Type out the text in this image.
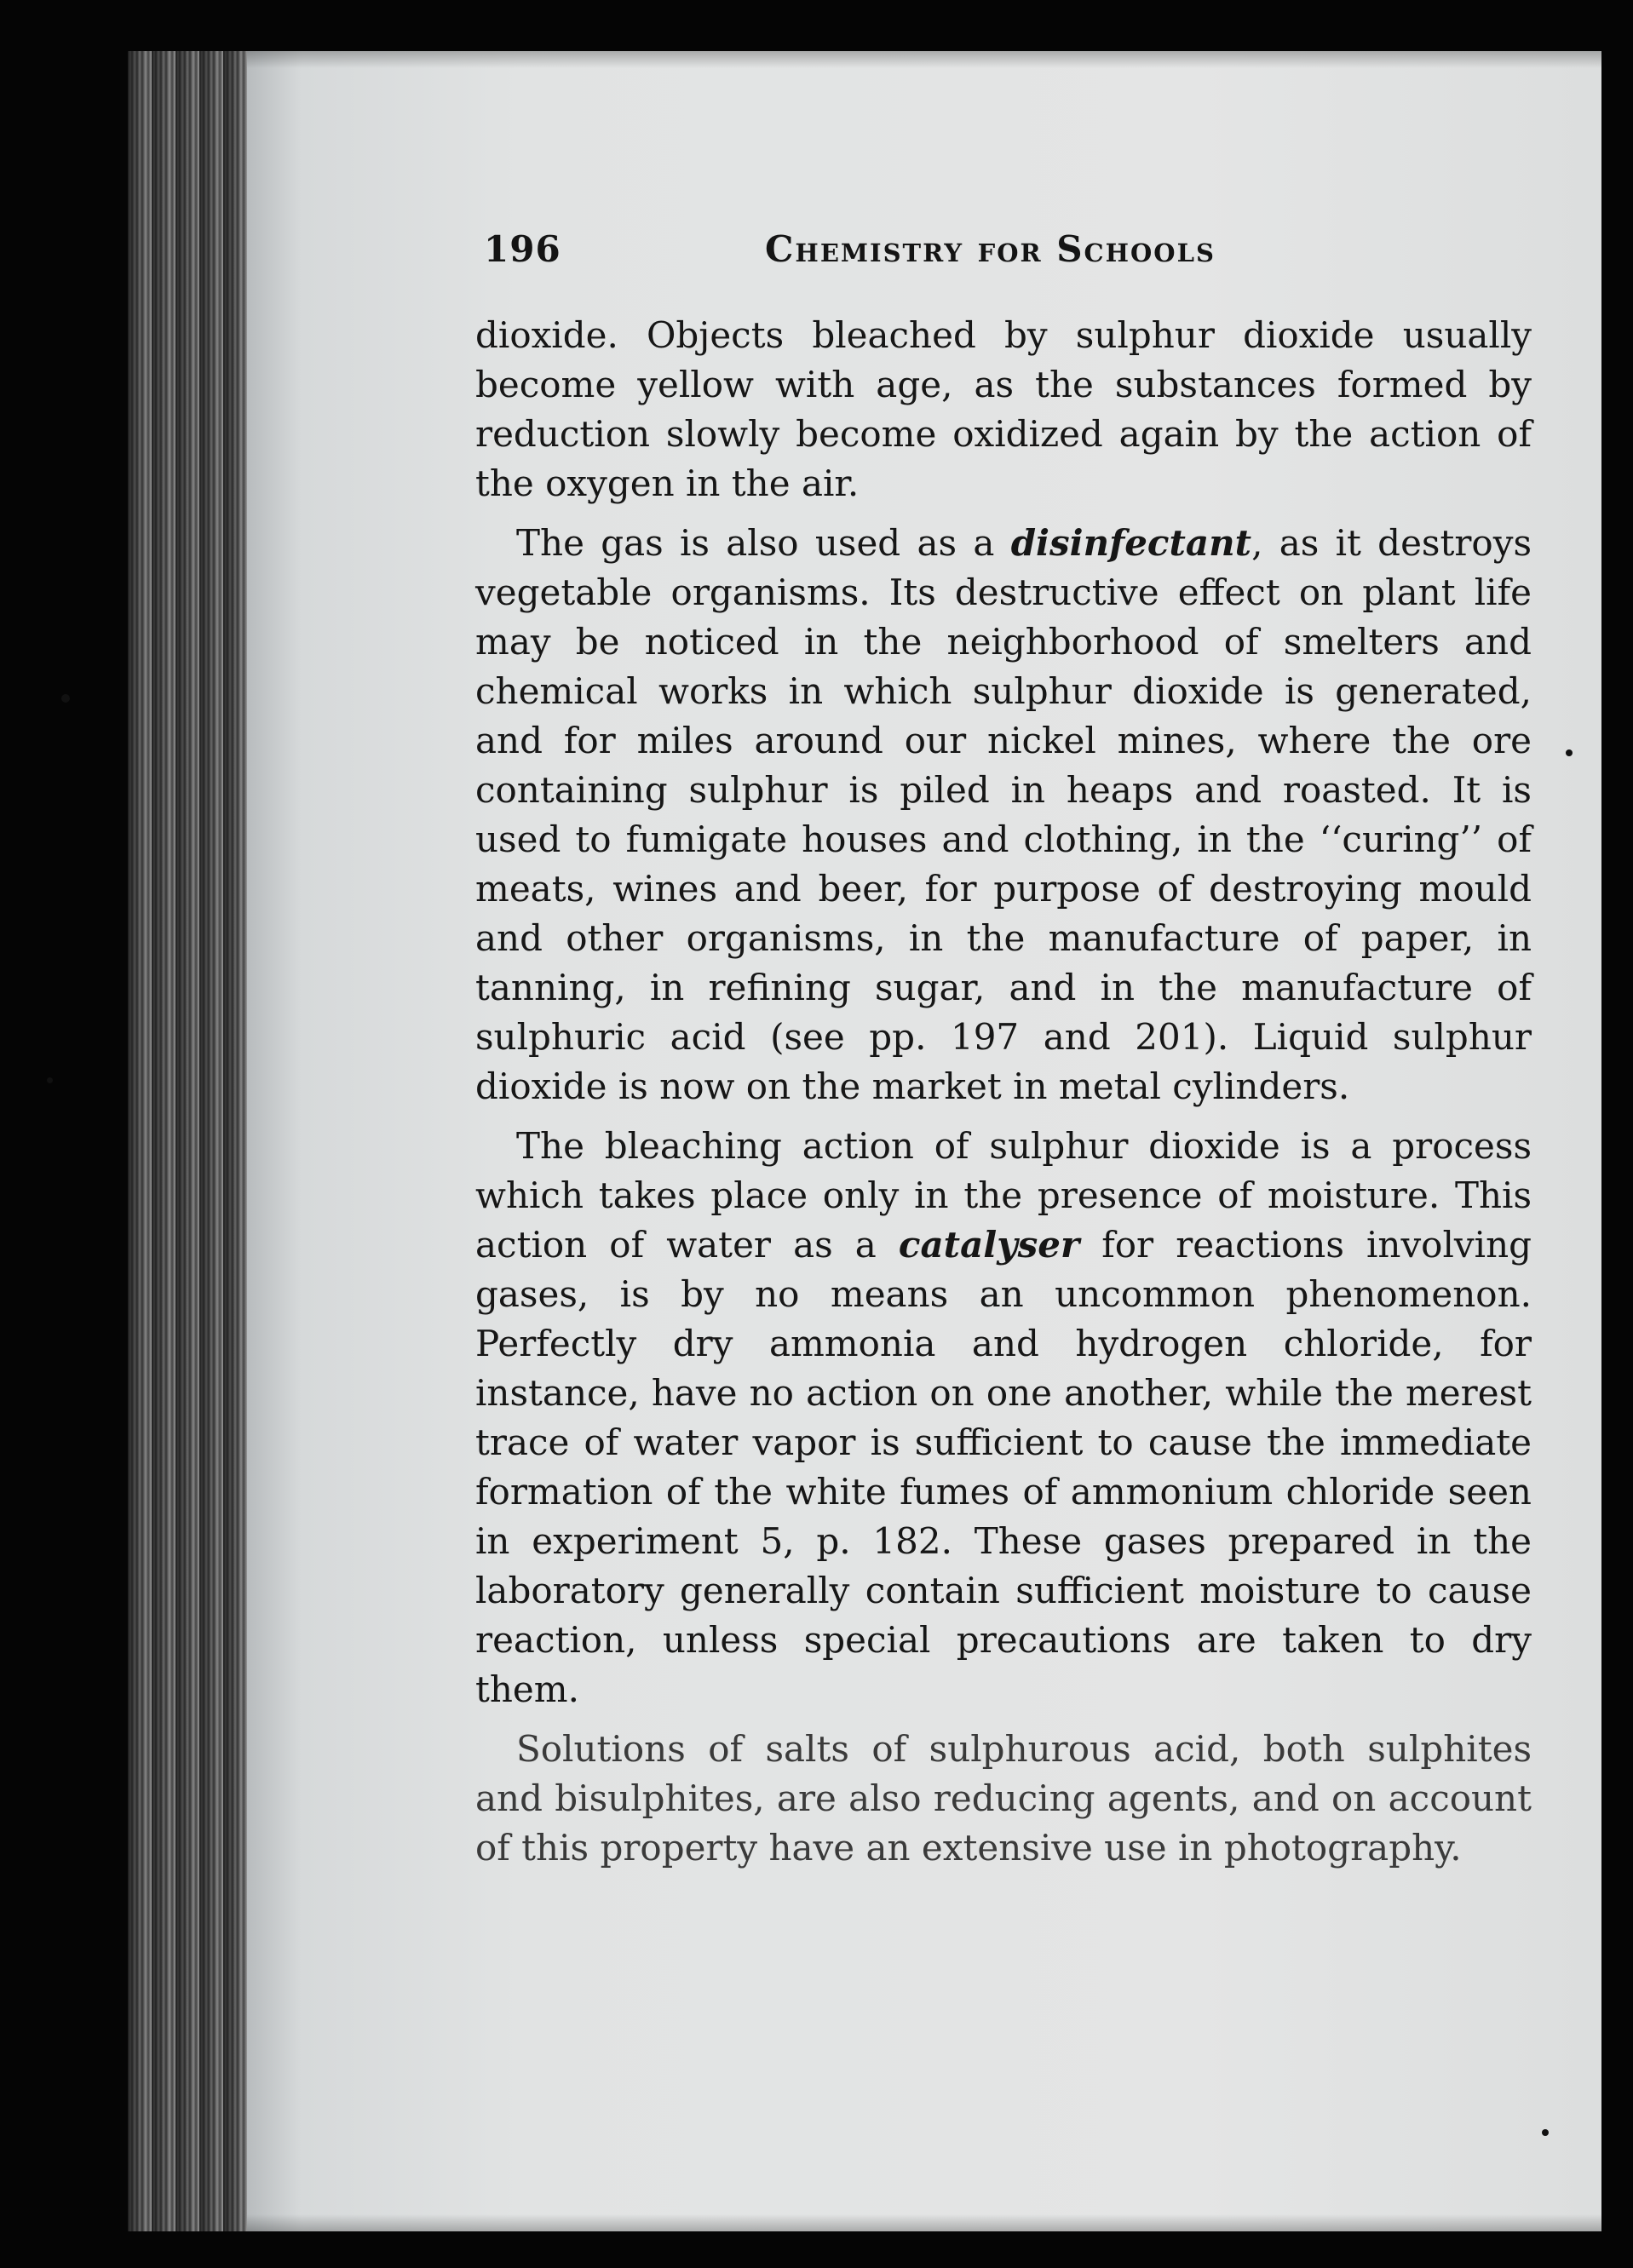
196	Chemistry for Schools

dioxide. Objects bleached by sulphur dioxide usually become yellow with age, as the substances formed by reduction slowly become oxidized again by the action of the oxygen in the air.

The gas is also used as a disinfectant, as it destroys vegetable organisms. Its destructive effect on plant life may be noticed in the neighborhood of smelters and chemical works in which sulphur dioxide is generated, and for miles around our nickel mines, where the ore containing sulphur is piled in heaps and roasted. It is used to fumigate houses and clothing, in the ‘‘curing’’ of meats, wines and beer, for purpose of destroying mould and other organisms, in the manufacture of paper, in tanning, in refining sugar, and in the manufacture of sulphuric acid (see pp. 197 and 201). Liquid sulphur dioxide is now on the market in metal cylinders.

The bleaching action of sulphur dioxide is a process which takes place only in the presence of moisture. This action of water as a catalyser for reactions involving gases, is by no means an uncommon phenomenon. Perfectly dry ammonia and hydrogen chloride, for instance, have no action on one another, while the merest trace of water vapor is sufficient to cause the immediate formation of the white fumes of ammonium chloride seen in experiment 5, p. 182. These gases prepared in the laboratory generally contain sufficient moisture to cause reaction, unless special precautions are taken to dry them.

Solutions of salts of sulphurous acid, both sulphites and bisulphites, are also reducing agents, and on account of this property have an extensive use in photography.
